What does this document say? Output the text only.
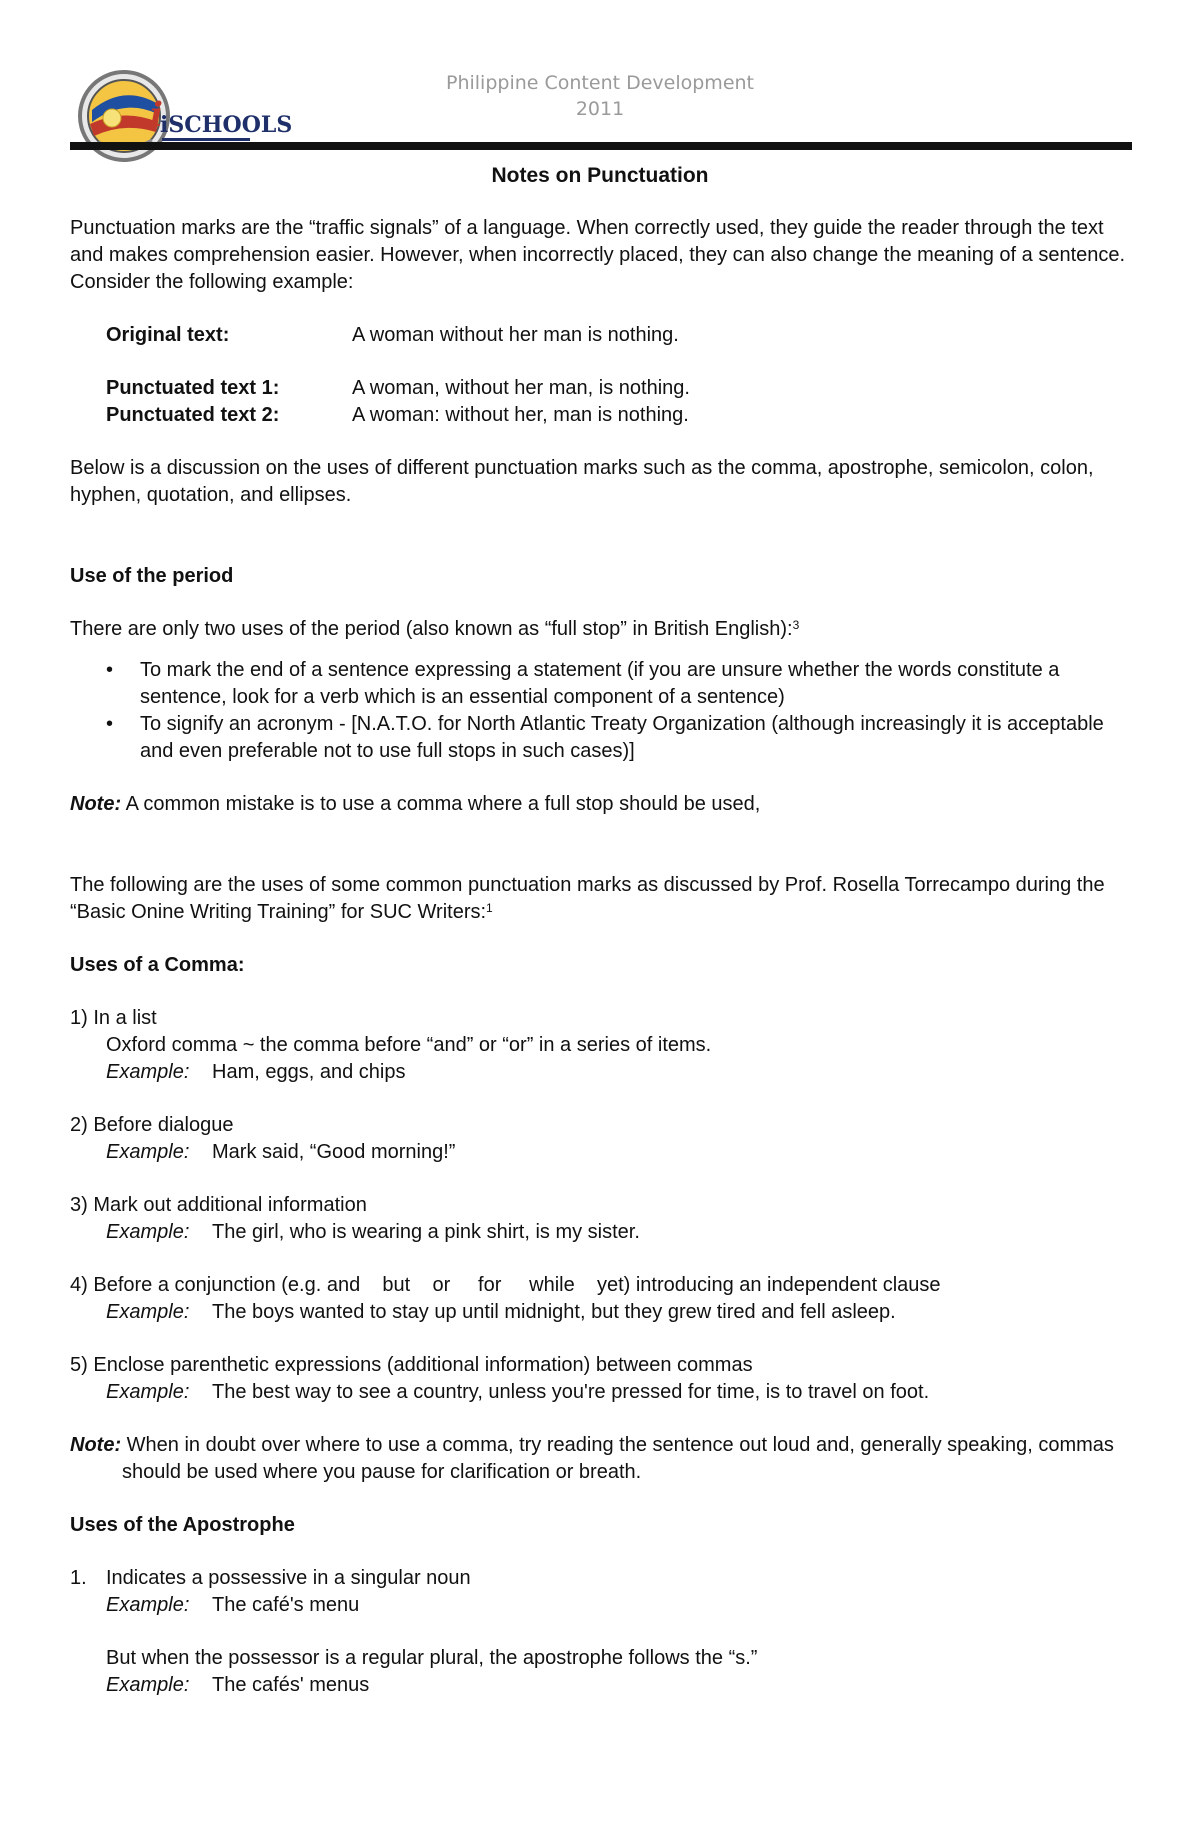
i
iSCHOOLS
Philippine Content Development
2011

Notes on Punctuation

Punctuation marks are the “traffic signals” of a language. When correctly used, they guide the reader through the text and makes comprehension easier. However, when incorrectly placed, they can also change the meaning of a sentence. Consider the following example:

Original text:	A woman without her man is nothing.
Punctuated text 1:	A woman, without her man, is nothing.
Punctuated text 2:	A woman: without her, man is nothing.

Below is a discussion on the uses of different punctuation marks such as the comma, apostrophe, semicolon, colon, hyphen, quotation, and ellipses.

Use of the period

There are only two uses of the period (also known as “full stop” in British English):$^3$

• To mark the end of a sentence expressing a statement (if you are unsure whether the words constitute a sentence, look for a verb which is an essential component of a sentence)
• To signify an acronym - [N.A.T.O. for North Atlantic Treaty Organization (although increasingly it is acceptable and even preferable not to use full stops in such cases)]

Note: A common mistake is to use a comma where a full stop should be used,

The following are the uses of some common punctuation marks as discussed by Prof. Rosella Torrecampo during the “Basic Onine Writing Training” for SUC Writers:$^1$

Uses of a Comma:

1) In a list

Oxford comma ~ the comma before “and” or “or” in a series of items.

Example: Ham, eggs, and chips

2) Before dialogue

Example: Mark said, “Good morning!”

3) Mark out additional information

Example: The girl, who is wearing a pink shirt, is my sister.

4) Before a conjunction (e.g. and    but    or     for     while    yet) introducing an independent clause

Example: The boys wanted to stay up until midnight, but they grew tired and fell asleep.

5) Enclose parenthetic expressions (additional information) between commas

Example: The best way to see a country, unless you're pressed for time, is to travel on foot.

Note: When in doubt over where to use a comma, try reading the sentence out loud and, generally speaking, commas should be used where you pause for clarification or breath.

Uses of the Apostrophe

1. Indicates a possessive in a singular noun

Example: The café's menu

But when the possessor is a regular plural, the apostrophe follows the “s.”

Example: The cafés' menus
